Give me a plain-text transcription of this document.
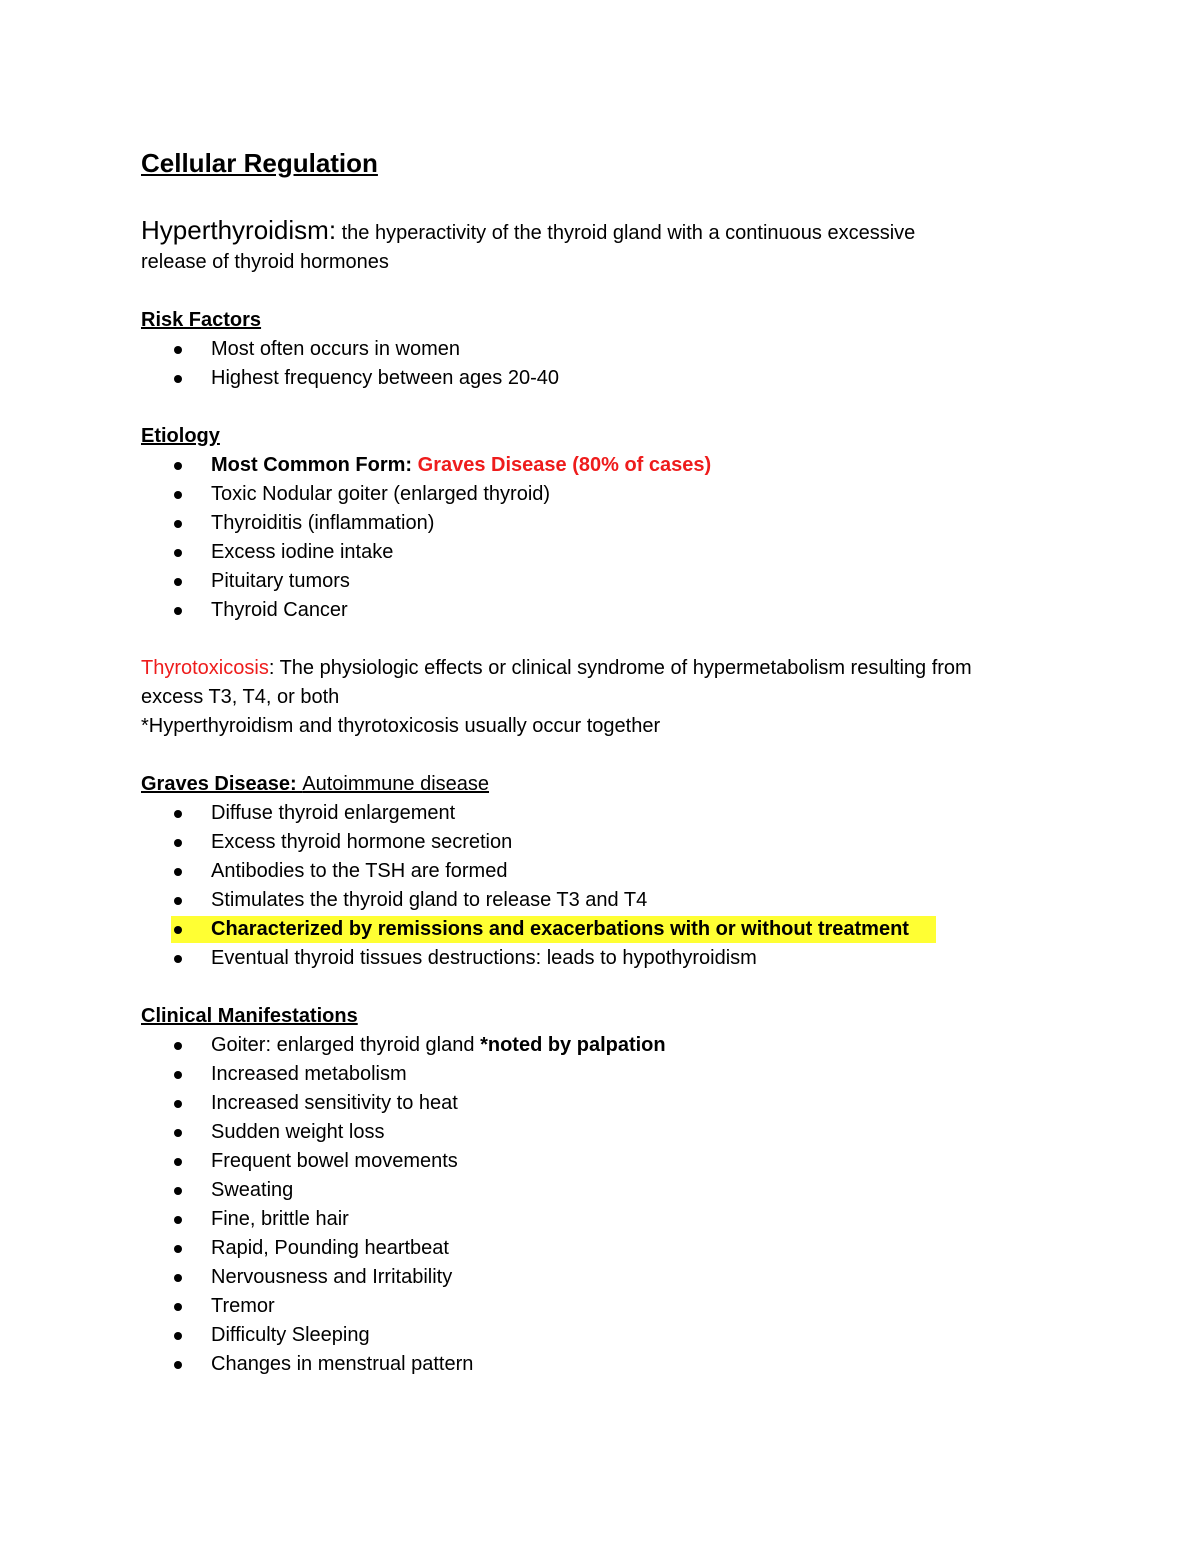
Cellular Regulation

Hyperthyroidism: the hyperactivity of the thyroid gland with a continuous excessive
release of thyroid hormones

Risk Factors
Most often occurs in women
Highest frequency between ages 20-40
Etiology
Most Common Form: Graves Disease (80% of cases)
Toxic Nodular goiter (enlarged thyroid)
Thyroiditis (inflammation)
Excess iodine intake
Pituitary tumors
Thyroid Cancer

Thyrotoxicosis: The physiologic effects or clinical syndrome of hypermetabolism resulting from
excess T3, T4, or both
*Hyperthyroidism and thyrotoxicosis usually occur together

Graves Disease: Autoimmune disease
Diffuse thyroid enlargement
Excess thyroid hormone secretion
Antibodies to the TSH are formed
Stimulates the thyroid gland to release T3 and T4
Characterized by remissions and exacerbations with or without treatment
Eventual thyroid tissues destructions: leads to hypothyroidism
Clinical Manifestations
Goiter: enlarged thyroid gland *noted by palpation
Increased metabolism
Increased sensitivity to heat
Sudden weight loss
Frequent bowel movements
Sweating
Fine, brittle hair
Rapid, Pounding heartbeat
Nervousness and Irritability
Tremor
Difficulty Sleeping
Changes in menstrual pattern
